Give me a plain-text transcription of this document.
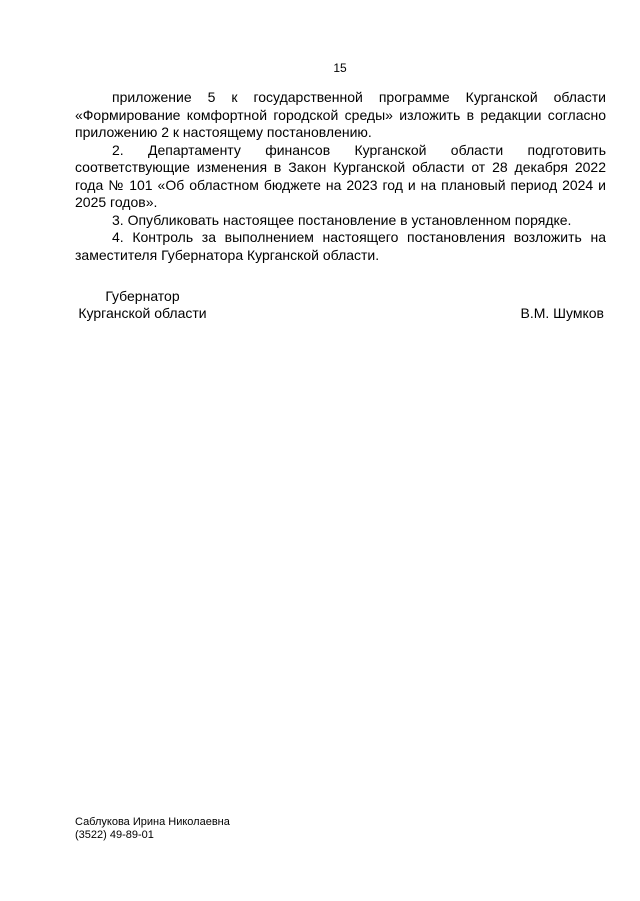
15

приложение 5 к государственной программе Курганской области «Формирование комфортной городской среды» изложить в редакции согласно приложению 2 к настоящему постановлению.

2. Департаменту финансов Курганской области подготовить соответствующие изменения в Закон Курганской области от 28 декабря 2022 года № 101 «Об областном бюджете на 2023 год и на плановый период 2024 и 2025 годов».

3. Опубликовать настоящее постановление в установленном порядке.

4. Контроль за выполнением настоящего постановления возложить на заместителя Губернатора Курганской области.

Губернатор
Курганской области	В.М. Шумков
Саблукова Ирина Николаевна
(3522) 49-89-01
